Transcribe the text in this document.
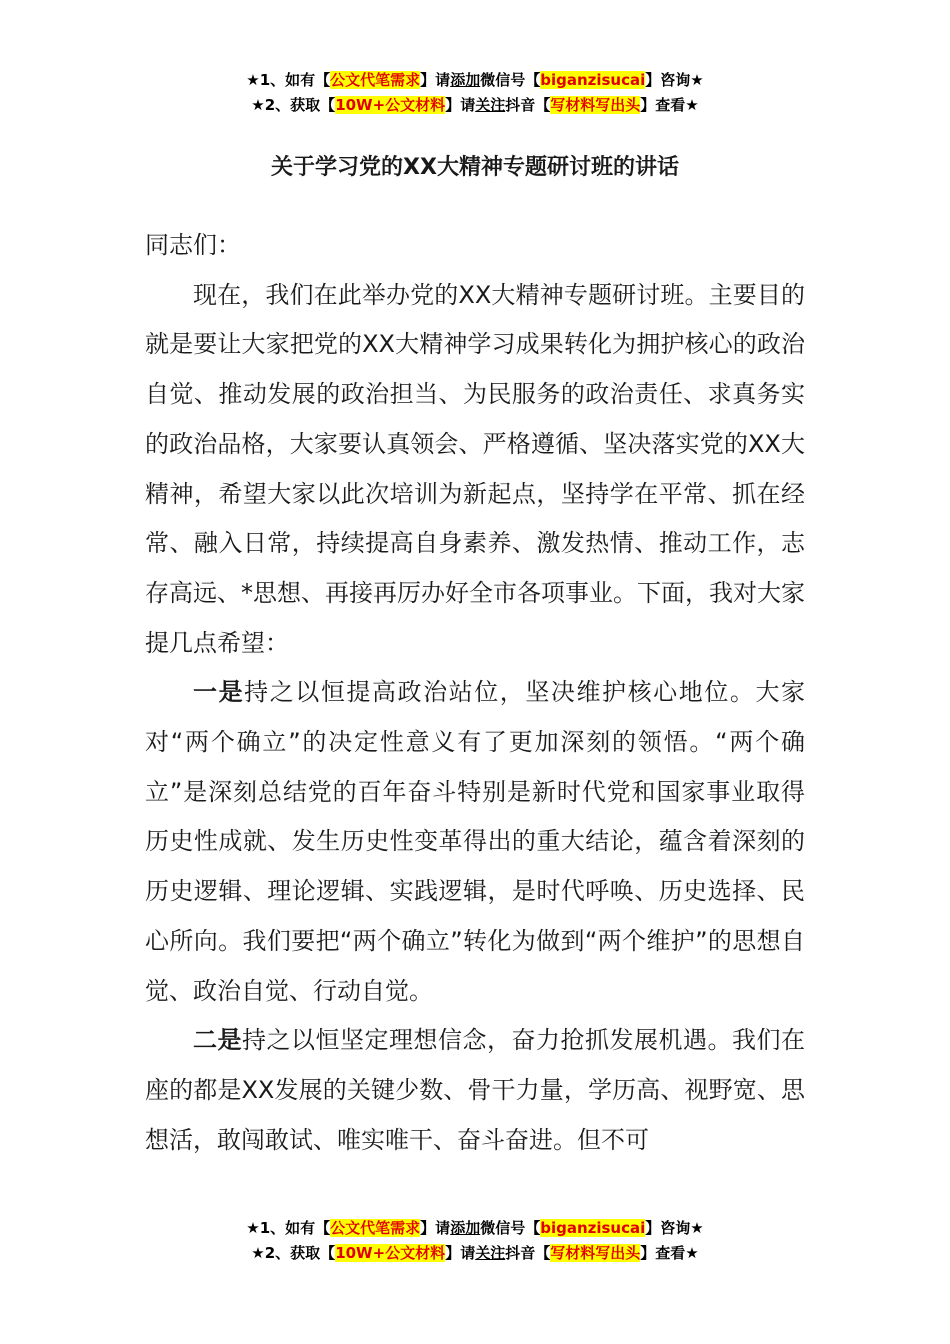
★1、如有【公文代笔需求】请添加微信号【biganzisucai】咨询★
★2、获取【10W+公文材料】请关注抖音【写材料写出头】查看★
关于学习党的XX大精神专题研讨班的讲话

同志们：

现在，我们在此举办党的XX大精神专题研讨班。主要目的就是要让大家把党的XX大精神学习成果转化为拥护核心的政治自觉、推动发展的政治担当、为民服务的政治责任、求真务实的政治品格，大家要认真领会、严格遵循、坚决落实党的XX大精神，希望大家以此次培训为新起点，坚持学在平常、抓在经常、融入日常，持续提高自身素养、激发热情、推动工作，志存高远、*思想、再接再厉办好全市各项事业。下面，我对大家提几点希望：

一是持之以恒提高政治站位，坚决维护核心地位。大家对“两个确立”的决定性意义有了更加深刻的领悟。“两个确立”是深刻总结党的百年奋斗特别是新时代党和国家事业取得历史性成就、发生历史性变革得出的重大结论，蕴含着深刻的历史逻辑、理论逻辑、实践逻辑，是时代呼唤、历史选择、民心所向。我们要把“两个确立”转化为做到“两个维护”的思想自觉、政治自觉、行动自觉。

二是持之以恒坚定理想信念，奋力抢抓发展机遇。我们在座的都是XX发展的关键少数、骨干力量，学历高、视野宽、思想活，敢闯敢试、唯实唯干、奋斗奋进。但不可

★1、如有【公文代笔需求】请添加微信号【biganzisucai】咨询★
★2、获取【10W+公文材料】请关注抖音【写材料写出头】查看★
